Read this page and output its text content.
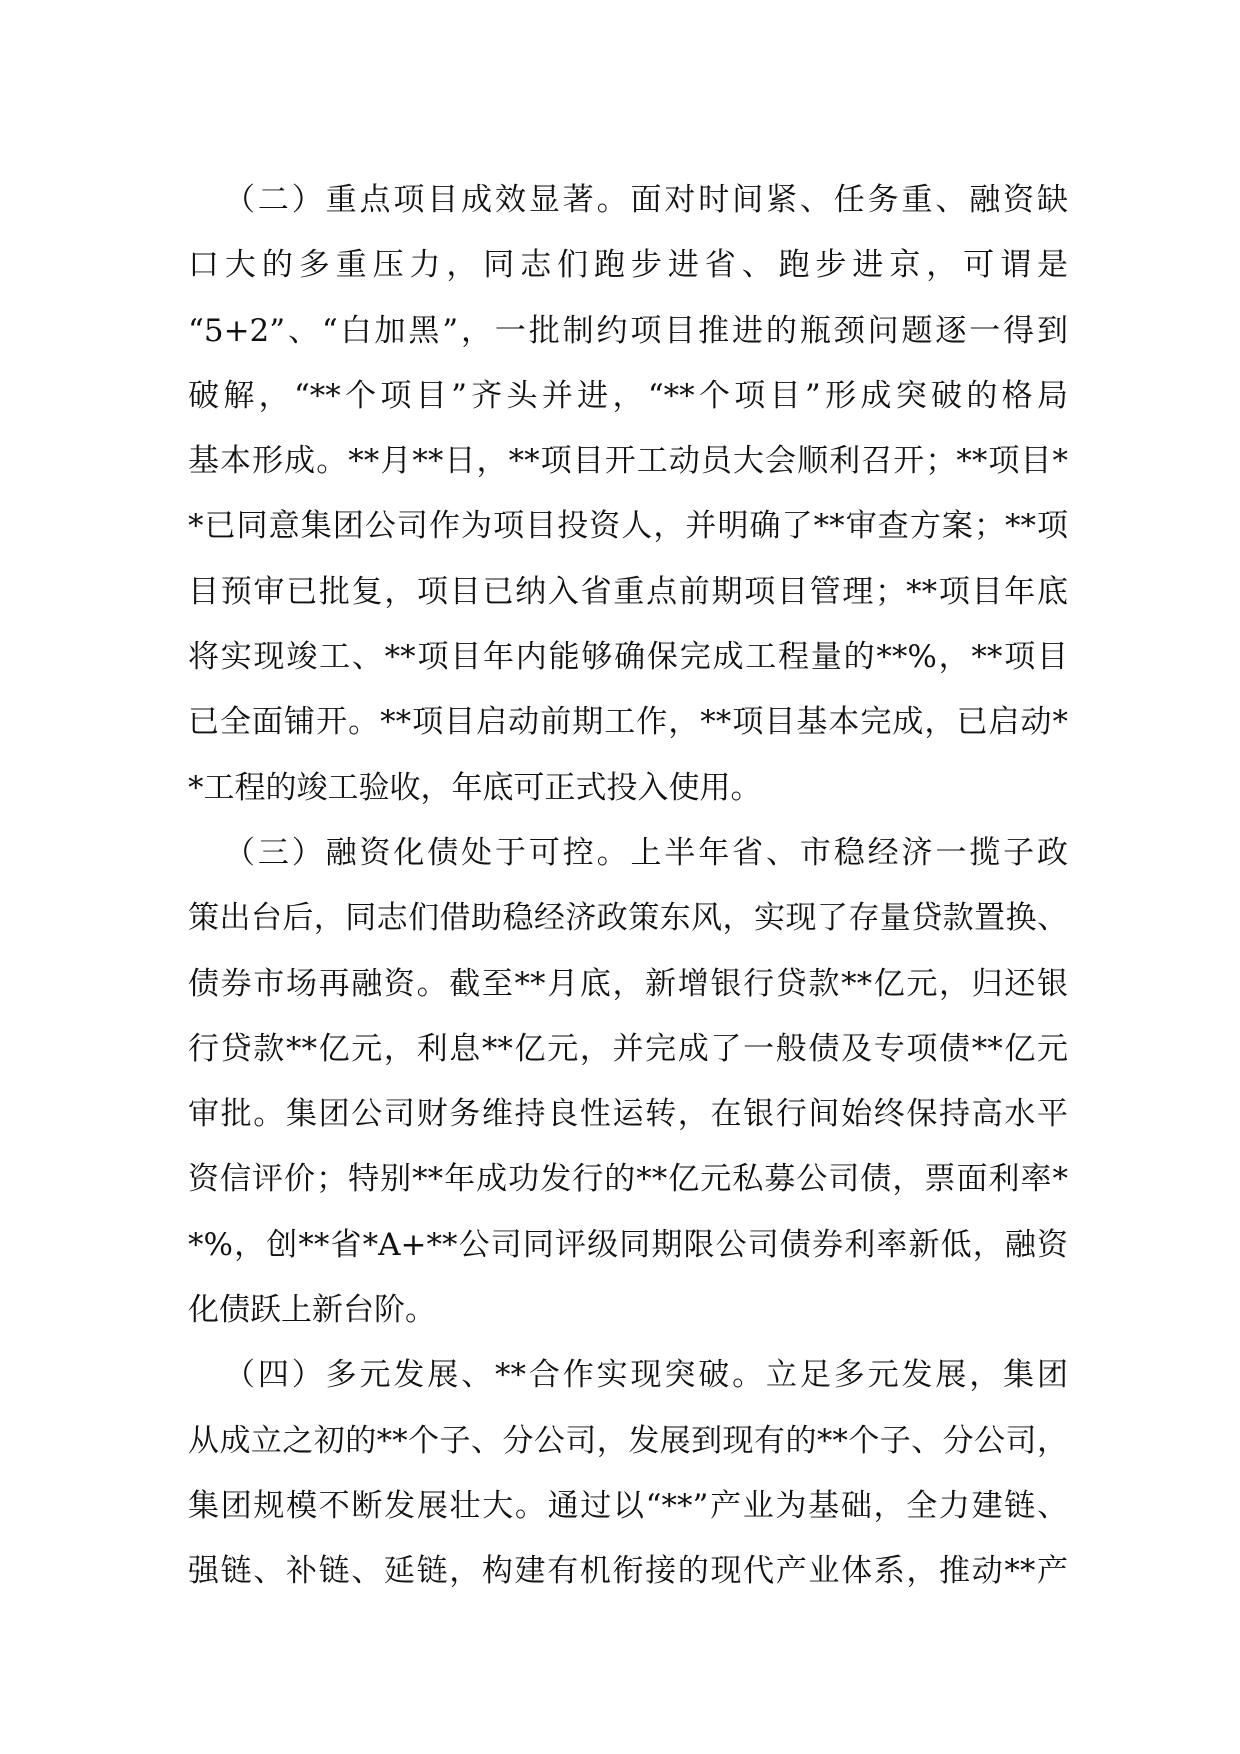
（二）重点项目成效显著。面对时间紧、任务重、融资缺
口大的多重压力，同志们跑步进省、跑步进京，可谓是
“5+2”、“白加黑”，一批制约项目推进的瓶颈问题逐一得到
破解，“**个项目”齐头并进，“**个项目”形成突破的格局
基本形成。**月**日，**项目开工动员大会顺利召开；**项目*
*已同意集团公司作为项目投资人，并明确了**审查方案；**项
目预审已批复，项目已纳入省重点前期项目管理；**项目年底
将实现竣工、**项目年内能够确保完成工程量的**%，**项目
已全面铺开。**项目启动前期工作，**项目基本完成，已启动*
*工程的竣工验收，年底可正式投入使用。
（三）融资化债处于可控。上半年省、市稳经济一揽子政
策出台后，同志们借助稳经济政策东风，实现了存量贷款置换、
债券市场再融资。截至**月底，新增银行贷款**亿元，归还银
行贷款**亿元，利息**亿元，并完成了一般债及专项债**亿元
审批。集团公司财务维持良性运转，在银行间始终保持高水平
资信评价；特别**年成功发行的**亿元私募公司债，票面利率*
*%，创**省*A+**公司同评级同期限公司债券利率新低，融资
化债跃上新台阶。
（四）多元发展、**合作实现突破。立足多元发展，集团
从成立之初的**个子、分公司，发展到现有的**个子、分公司，
集团规模不断发展壮大。通过以“**”产业为基础，全力建链、
强链、补链、延链，构建有机衔接的现代产业体系，推动**产
